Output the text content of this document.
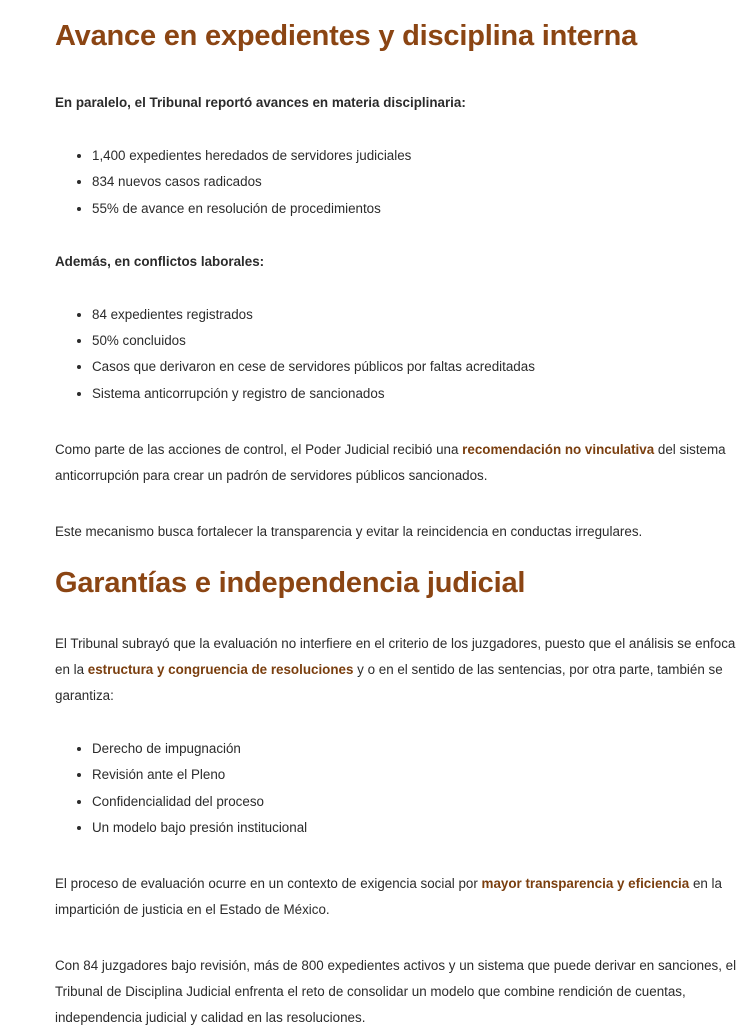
Avance en expedientes y disciplina interna

En paralelo, el Tribunal reportó avances en materia disciplinaria:

• 1,400 expedientes heredados de servidores judiciales
• 834 nuevos casos radicados
• 55% de avance en resolución de procedimientos

Además, en conflictos laborales:

• 84 expedientes registrados
• 50% concluidos
• Casos que derivaron en cese de servidores públicos por faltas acreditadas
• Sistema anticorrupción y registro de sancionados

Como parte de las acciones de control, el Poder Judicial recibió una recomendación no vinculativa del sistema anticorrupción para crear un padrón de servidores públicos sancionados.

Este mecanismo busca fortalecer la transparencia y evitar la reincidencia en conductas irregulares.

Garantías e independencia judicial

El Tribunal subrayó que la evaluación no interfiere en el criterio de los juzgadores, puesto que el análisis se enfoca en la estructura y congruencia de resoluciones y o en el sentido de las sentencias, por otra parte, también se garantiza:

• Derecho de impugnación
• Revisión ante el Pleno
• Confidencialidad del proceso
• Un modelo bajo presión institucional

El proceso de evaluación ocurre en un contexto de exigencia social por mayor transparencia y eficiencia en la impartición de justicia en el Estado de México.

Con 84 juzgadores bajo revisión, más de 800 expedientes activos y un sistema que puede derivar en sanciones, el Tribunal de Disciplina Judicial enfrenta el reto de consolidar un modelo que combine rendición de cuentas, independencia judicial y calidad en las resoluciones.
